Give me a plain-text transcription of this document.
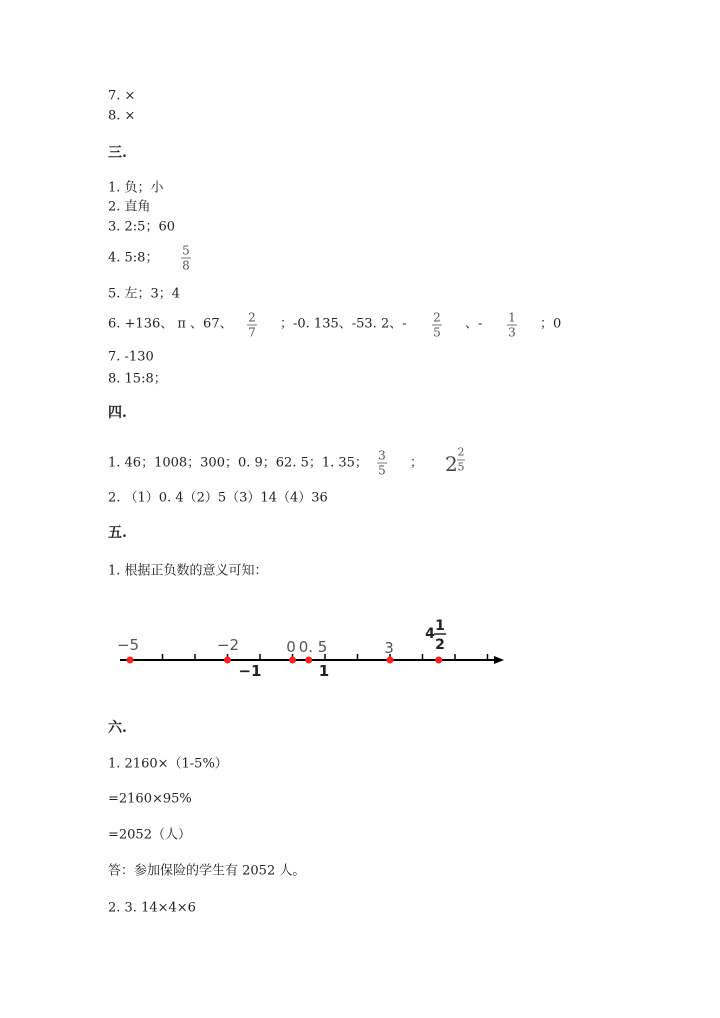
7. ×
8. ×
三.
1. 负；小
2. 直角
3. 2:5；60
4. 5:8； 5
8
5. 左；3；4
6. +136、 π 、67、 2
7
；-0. 135、-53. 2、- 2
5
、- 1
3
；0
7. -130
8. 15:8；
四.
1. 46；1008；300；0. 9；62. 5；1. 35； 3
5 ； 2 2
5
2. （1）0. 4（2）5（3）14（4）36
五.
1. 根据正负数的意义可知：
−5	−2	0 0. 5	3
4 1
2
−1	1
六.
1. 2160×（1-5%）
=2160×95%
=2052（人）
答：参加保险的学生有 2052 人。
2. 3. 14×4×6
